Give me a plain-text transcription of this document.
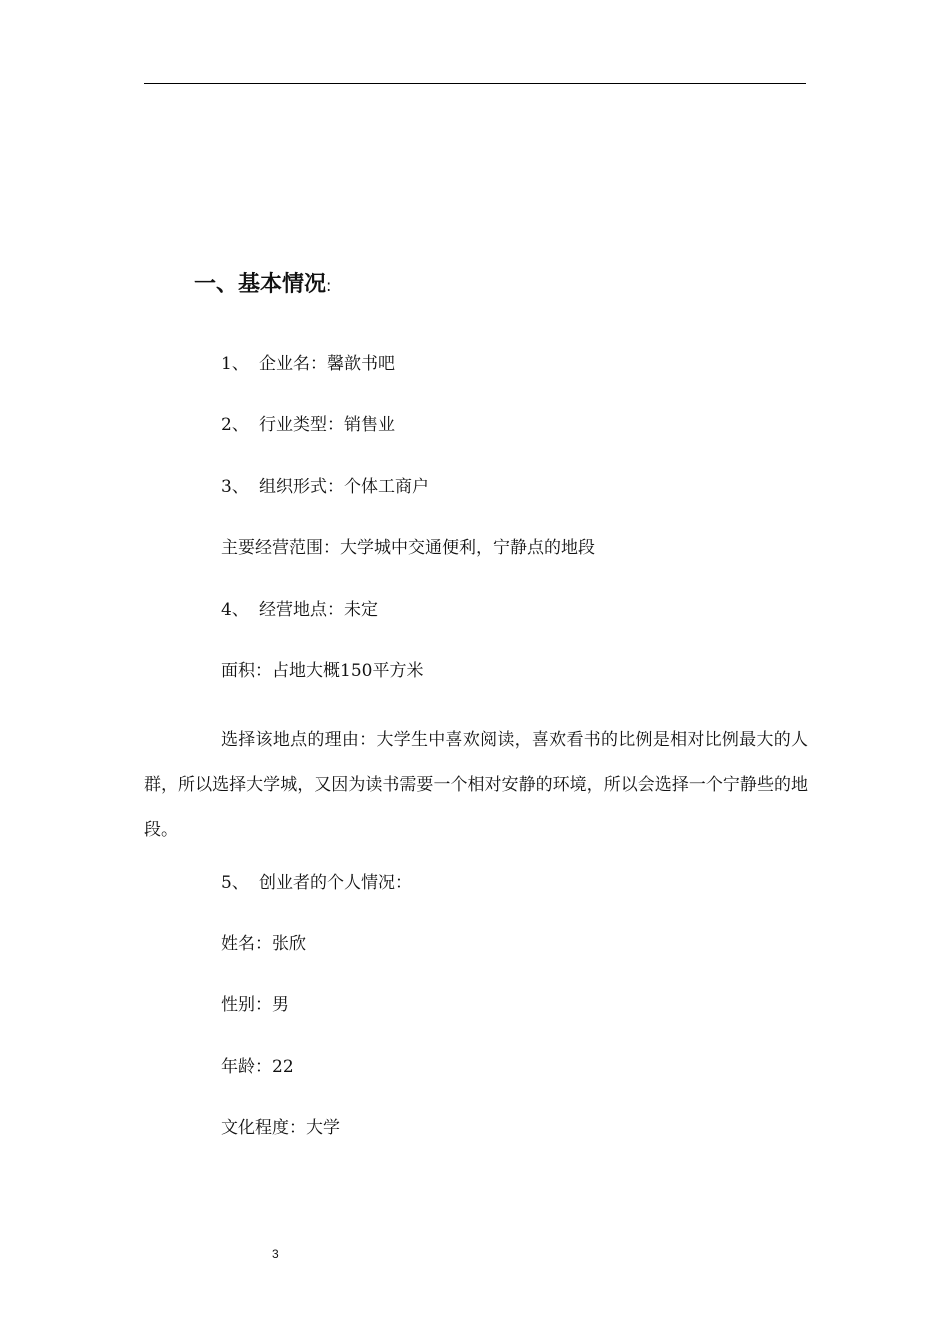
一、基本情况:
1、 企业名：馨歆书吧
2、 行业类型：销售业
3、 组织形式：个体工商户
主要经营范围：大学城中交通便利，宁静点的地段
4、 经营地点：未定
面积：占地大概150平方米
选择该地点的理由：大学生中喜欢阅读，喜欢看书的比例是相对比例最大的人群，所以选择大学城，又因为读书需要一个相对安静的环境，所以会选择一个宁静些的地段。
5、 创业者的个人情况：
姓名：张欣
性别：男
年龄：22
文化程度：大学
3
